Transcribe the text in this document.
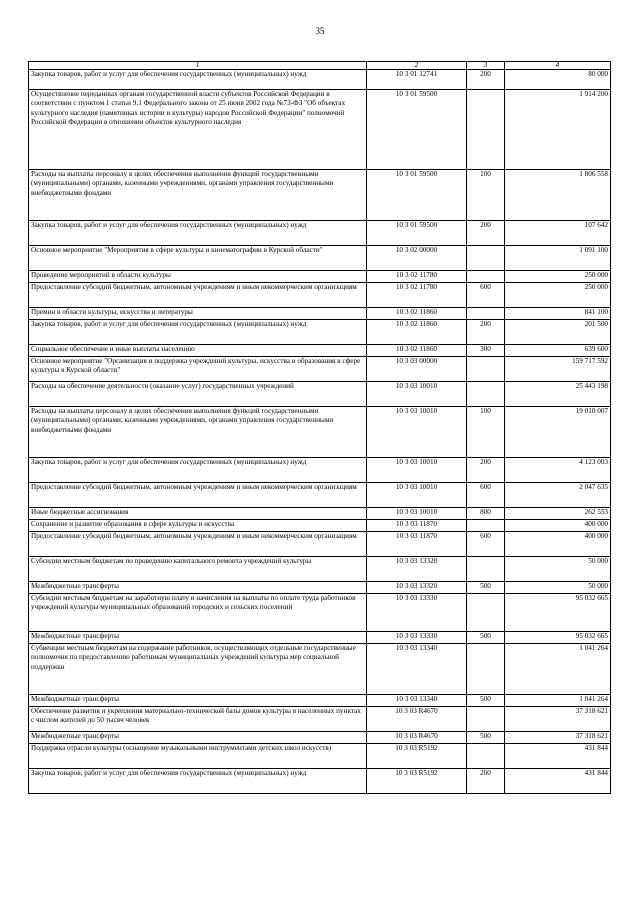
35
1	2	3	4
Закупка товаров, работ и услуг для обеспечения государственных (муниципальных) нужд	10 3 01 12741	200	80 000
Осуществление переданных органам государственной власти субъектов Российской Федерации в соответствии с пунктом 1 статьи 9.1 Федерального закона от 25 июня 2002 года №73-ФЗ "Об объектах культурного наследия (памятниках истории и культуры) народов Российской Федерации" полномочий Российской Федерации в отношении объектов культурного наследия	10 3 01 59500		1 914 200
Расходы на выплаты персоналу в целях обеспечения выполнения функций государственными (муниципальными) органами, казенными учреждениями, органами управления государственными внебюджетными фондами	10 3 01 59500	100	1 806 558
Закупка товаров, работ и услуг для обеспечения государственных (муниципальных) нужд	10 3 01 59500	200	107 642
Основное мероприятие "Мероприятия в сфере культуры и кинематографии в Курской области"	10 3 02 00000		1 091 100
Проведение мероприятий в области культуры	10 3 02 11780		250 000
Предоставление субсидий бюджетным, автономным учреждениям и иным некоммерческим организациям	10 3 02 11780	600	250 000
Премии в области культуры, искусства и литературы	10 3 02 11860		841 100
Закупка товаров, работ и услуг для обеспечения государственных (муниципальных) нужд	10 3 02 11860	200	201 500
Социальное обеспечение и иные выплаты населению	10 3 02 11860	300	639 600
Основное мероприятие "Организация и поддержка учреждений культуры, искусства и образования в сфере культуры в Курской области"	10 3 03 00000		159 717 592
Расходы на обеспечение деятельности (оказание услуг) государственных учреждений	10 3 03 10010		25 443 198
Расходы на выплаты персоналу в целях обеспечения выполнения функций государственными (муниципальными) органами, казенными учреждениями, органами управления государственными внебюджетными фондами	10 3 03 10010	100	19 010 007
Закупка товаров, работ и услуг для обеспечения государственных (муниципальных) нужд	10 3 03 10010	200	4 123 003
Предоставление субсидий бюджетным, автономным учреждениям и иным некоммерческим организациям	10 3 03 10010	600	2 047 635
Иные бюджетные ассигнования	10 3 03 10010	800	262 553
Сохранение и развитие образования в сфере культуры и искусства	10 3 03 11870		400 000
Предоставление субсидий бюджетным, автономным учреждениям и иным некоммерческим организациям	10 3 03 11870	600	400 000
Субсидии местным бюджетам по проведению капитального ремонта учреждений культуры	10 3 03 13320		50 000
Межбюджетные трансферты	10 3 03 13320	500	50 000
Субсидии местным бюджетам на заработную плату и начисления на выплаты по оплате труда работников учреждений культуры муниципальных образований городских и сельских поселений	10 3 03 13330		95 032 665
Межбюджетные трансферты	10 3 03 13330	500	95 032 665
Субвенции местным бюджетам на содержание работников, осуществляющих отдельные государственные полномочия по предоставлению работникам муниципальных учреждений культуры мер социальной поддержки	10 3 03 13340		1 041 264
Межбюджетные трансферты	10 3 03 13340	500	1 041 264
Обеспечение развития и укрепления материально-технической базы домов культуры в населенных пунктах с числом жителей до 50 тысяч человек	10 3 03 R4670		37 318 621
Межбюджетные трансферты	10 3 03 R4670	500	37 318 621
Поддержка отрасли культуры (оснащение музыкальными инструментами детских школ искусств)	10 3 03 R5192		431 844
Закупка товаров, работ и услуг для обеспечения государственных (муниципальных) нужд	10 3 03 R5192	200	431 844
